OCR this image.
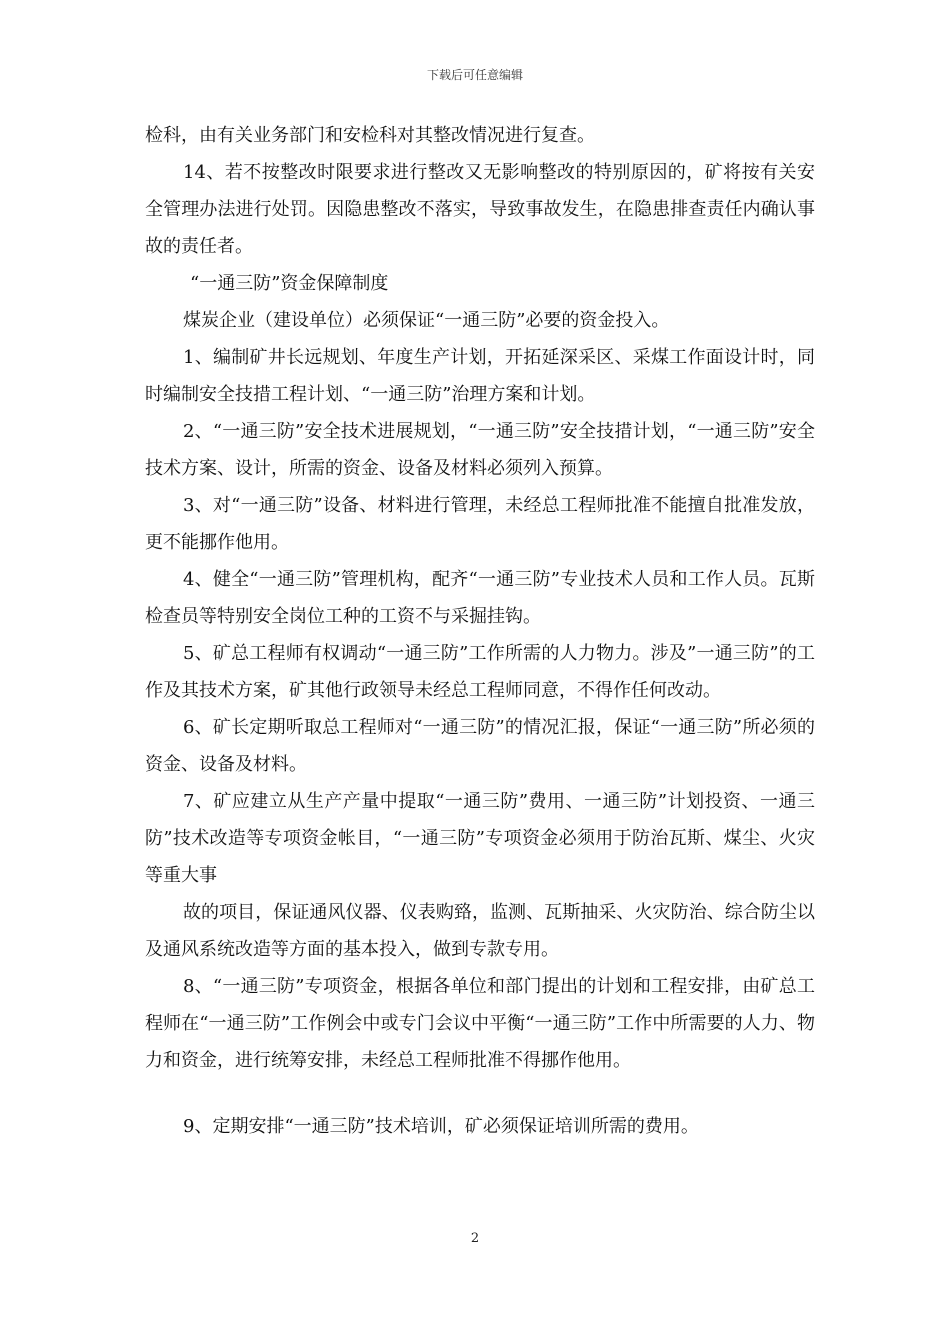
下载后可任意编辑

检科，由有关业务部门和安检科对其整改情况进行复查。

14、若不按整改时限要求进行整改又无影响整改的特别原因的，矿将按有关安全管理办法进行处罚。因隐患整改不落实，导致事故发生，在隐患排查责任内确认事故的责任者。

“一通三防”资金保障制度

煤炭企业（建设单位）必须保证“一通三防”必要的资金投入。

1、编制矿井长远规划、年度生产计划，开拓延深采区、采煤工作面设计时，同时编制安全技措工程计划、“一通三防”治理方案和计划。

2、“一通三防”安全技术进展规划，“一通三防”安全技措计划，“一通三防”安全技术方案、设计，所需的资金、设备及材料必须列入预算。

3、对“一通三防”设备、材料进行管理，未经总工程师批准不能擅自批准发放，更不能挪作他用。

4、健全“一通三防”管理机构，配齐“一通三防”专业技术人员和工作人员。瓦斯检查员等特别安全岗位工种的工资不与采掘挂钩。

5、矿总工程师有权调动“一通三防”工作所需的人力物力。涉及”一通三防”的工作及其技术方案，矿其他行政领导未经总工程师同意，不得作任何改动。

6、矿长定期听取总工程师对“一通三防”的情况汇报，保证“一通三防”所必须的资金、设备及材料。

7、矿应建立从生产产量中提取“一通三防”费用、一通三防”计划投资、一通三防”技术改造等专项资金帐目，“一通三防”专项资金必须用于防治瓦斯、煤尘、火灾等重大事

故的项目，保证通风仪器、仪表购臵，监测、瓦斯抽采、火灾防治、综合防尘以及通风系统改造等方面的基本投入，做到专款专用。

8、“一通三防”专项资金，根据各单位和部门提出的计划和工程安排，由矿总工程师在“一通三防”工作例会中或专门会议中平衡“一通三防”工作中所需要的人力、物力和资金，进行统筹安排，未经总工程师批准不得挪作他用。

9、定期安排“一通三防”技术培训，矿必须保证培训所需的费用。

2
